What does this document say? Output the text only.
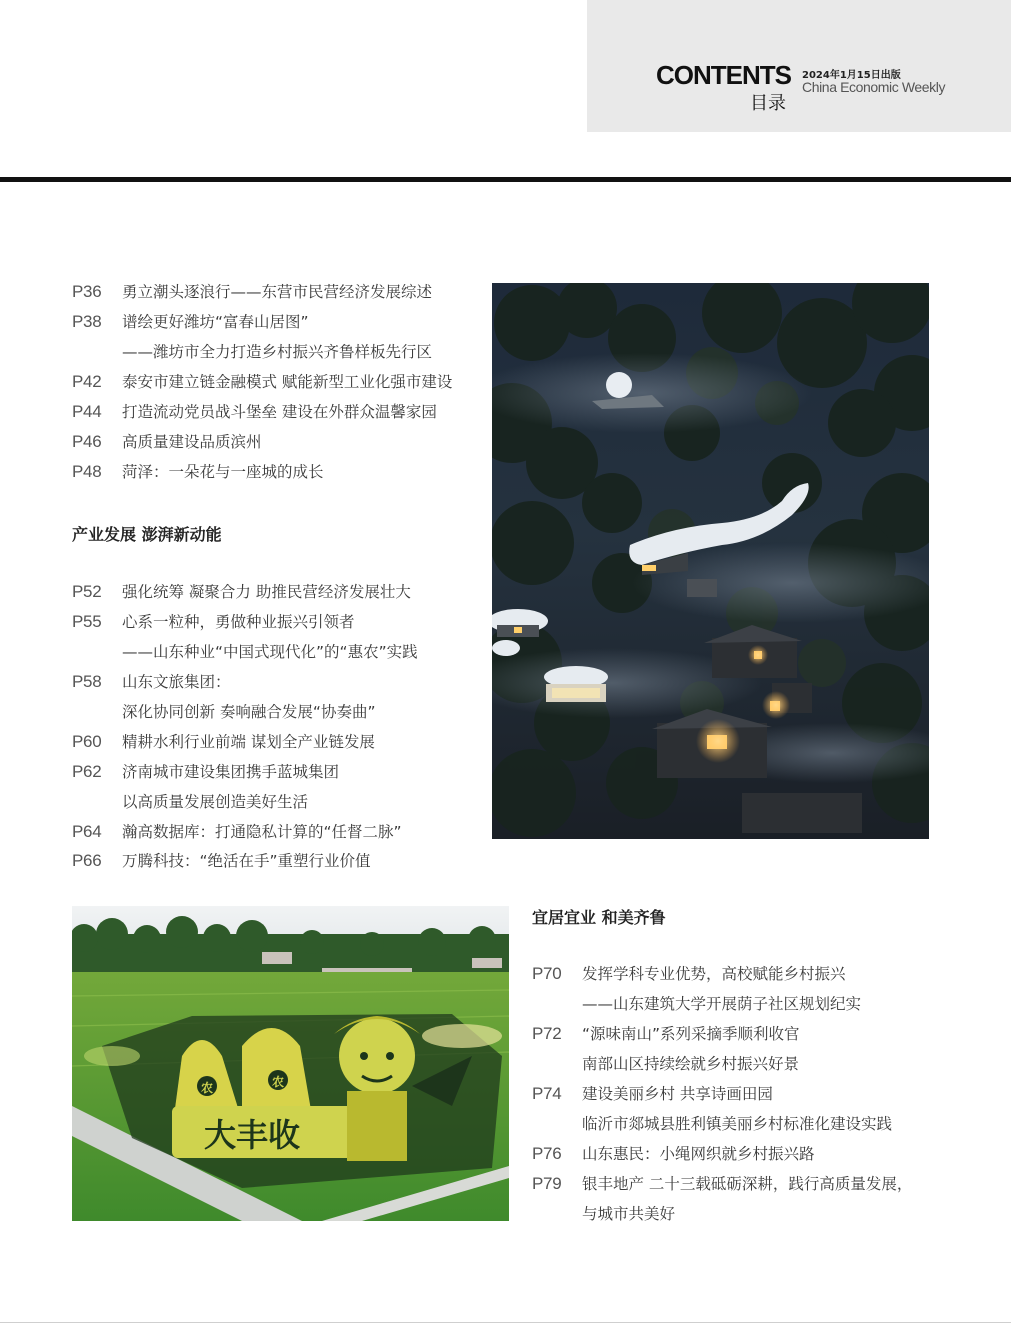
CONTENTS
目录
2024年1月15日出版
China Economic Weekly
P36 勇立潮头逐浪行——东营市民营经济发展综述
P38 谱绘更好潍坊“富春山居图”
——潍坊市全力打造乡村振兴齐鲁样板先行区
P42 泰安市建立链金融模式 赋能新型工业化强市建设
P44 打造流动党员战斗堡垒 建设在外群众温馨家园
P46 高质量建设品质滨州
P48 菏泽：一朵花与一座城的成长
产业发展 澎湃新动能
P52 强化统筹 凝聚合力 助推民营经济发展壮大
P55 心系一粒种，勇做种业振兴引领者
——山东种业“中国式现代化”的“惠农”实践
P58 山东文旅集团：
深化协同创新 奏响融合发展“协奏曲”
P60 精耕水利行业前端 谋划全产业链发展
P62 济南城市建设集团携手蓝城集团
以高质量发展创造美好生活
P64 瀚高数据库：打通隐私计算的“任督二脉”
P66 万腾科技：“绝活在手”重塑行业价值
大丰收
农	农
宜居宜业 和美齐鲁
P70 发挥学科专业优势，高校赋能乡村振兴
——山东建筑大学开展荫子社区规划纪实
P72 “源味南山”系列采摘季顺利收官
南部山区持续绘就乡村振兴好景
P74 建设美丽乡村 共享诗画田园
临沂市郯城县胜利镇美丽乡村标准化建设实践
P76 山东惠民：小绳网织就乡村振兴路
P79 银丰地产 二十三载砥砺深耕，践行高质量发展，
与城市共美好
